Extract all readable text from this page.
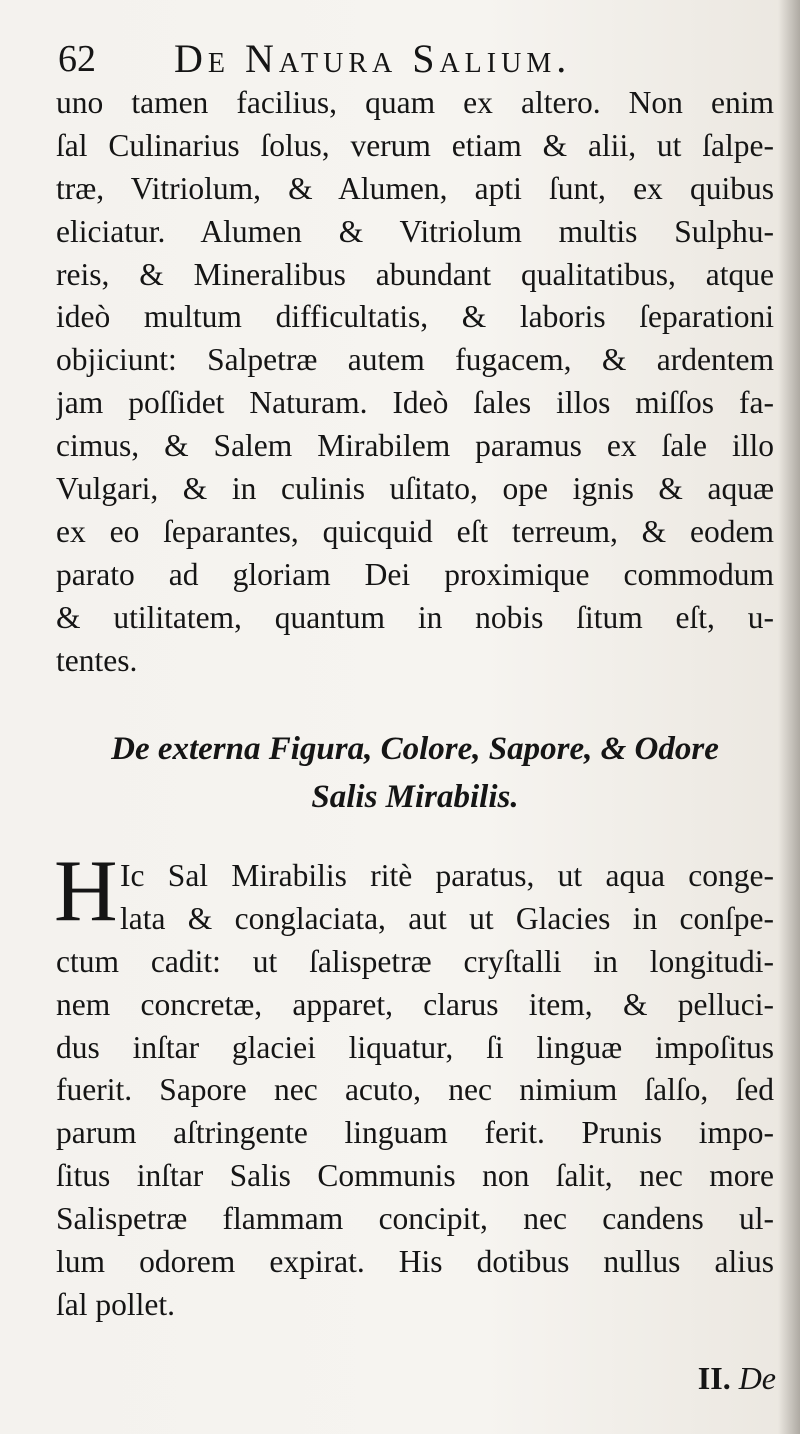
62 De Natura Salium.
uno tamen facilius, quam ex altero. Non enim
ſal Culinarius ſolus, verum etiam & alii, ut ſalpe-
træ, Vitriolum, & Alumen, apti ſunt, ex quibus
eliciatur. Alumen & Vitriolum multis Sulphu-
reis, & Mineralibus abundant qualitatibus, atque
ideò multum difficultatis, & laboris ſeparationi
objiciunt: Salpetræ autem fugacem, & ardentem
jam poſſidet Naturam. Ideò ſales illos miſſos fa-
cimus, & Salem Mirabilem paramus ex ſale illo
Vulgari, & in culinis uſitato, ope ignis & aquæ
ex eo ſeparantes, quicquid eſt terreum, & eodem
parato ad gloriam Dei proximique commodum
& utilitatem, quantum in nobis ſitum eſt, u-
tentes.
De externa Figura, Colore, Sapore, & Odore
Salis Mirabilis.
H Ic Sal Mirabilis ritè paratus, ut aqua conge-
lata & conglaciata, aut ut Glacies in conſpe-
ctum cadit: ut ſalispetræ cryſtalli in longitudi-
nem concretæ, apparet, clarus item, & pelluci-
dus inſtar glaciei liquatur, ſi linguæ impoſitus
fuerit. Sapore nec acuto, nec nimium ſalſo, ſed
parum aſtringente linguam ferit. Prunis impo-
ſitus inſtar Salis Communis non ſalit, nec more
Salispetræ flammam concipit, nec candens ul-
lum odorem expirat. His dotibus nullus alius
ſal pollet.
II. De
